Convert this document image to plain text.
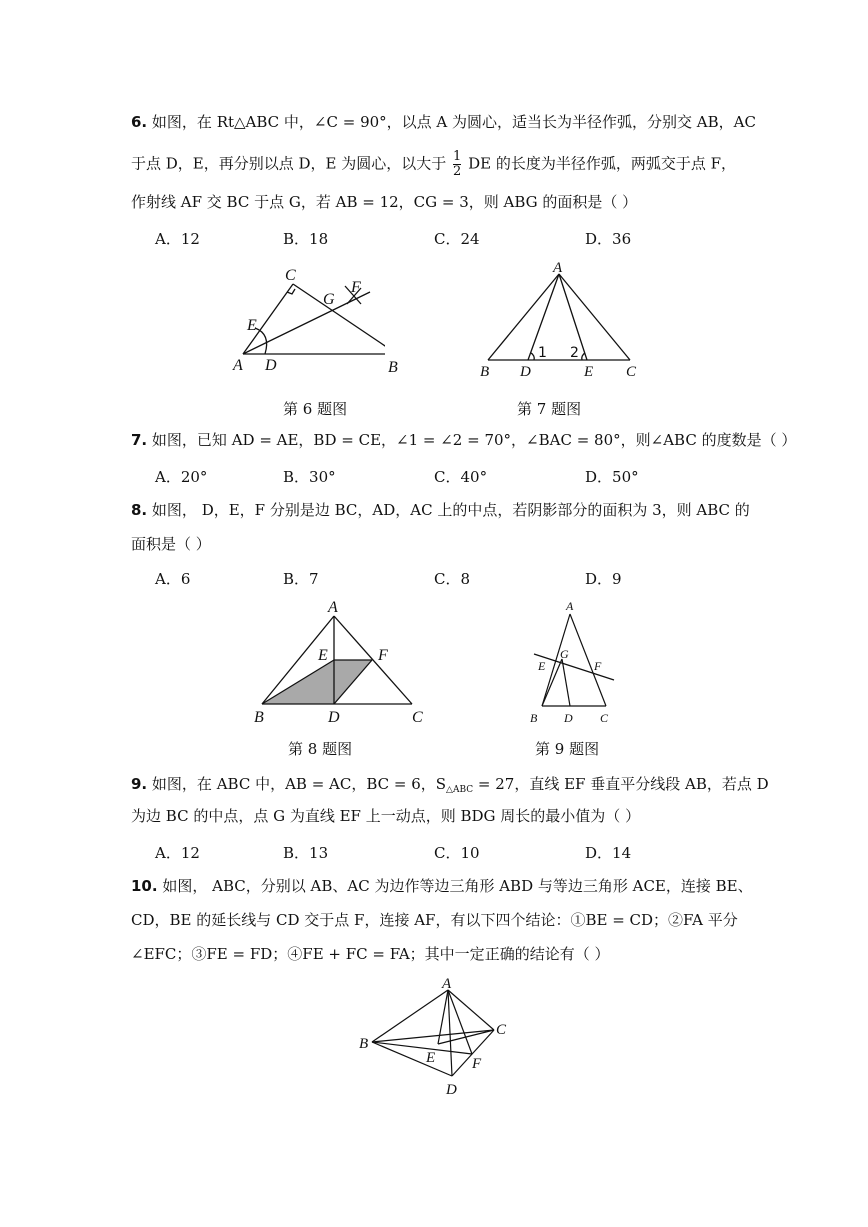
6. 如图，在 Rt△ABC 中，∠C = 90°，以点 A 为圆心，适当长为半径作弧，分别交 AB，AC
于点 D，E，再分别以点 D，E 为圆心，以大于 $\frac{1}{2}$ DE 的长度为半径作弧，两弧交于点 F，
作射线 AF 交 BC 于点 G，若 AB = 12，CG = 3，则 ABG 的面积是（ ）
A．12	B．18	C．24	D．36
A D
C
E
G
F
B
第 6 题图
A
B D	E C
1 2
第 7 题图
7. 如图，已知 AD = AE，BD = CE，∠1 = ∠2 = 70°，∠BAC = 80°，则∠ABC 的度数是（ ）
A．20°	B．30°	C．40°	D．50°
8. 如图， D，E，F 分别是边 BC，AD，AC 上的中点，若阴影部分的面积为 3，则 ABC 的
面积是（ ）
A．6	B．7	C．8	D．9
A
B	D	C
E	F
第 8 题图
A
B D C
E
G
F
第 9 题图
9. 如图，在 ABC 中，AB = AC，BC = 6，$S_{\triangle ABC} = 27$，直线 EF 垂直平分线段 AB，若点 D
为边 BC 的中点，点 G 为直线 EF 上一动点，则 BDG 周长的最小值为（ ）
A．12	B．13	C．10	D．14
10. 如图， ABC，分别以 AB、AC 为边作等边三角形 ABD 与等边三角形 ACE，连接 BE、
CD，BE 的延长线与 CD 交于点 F，连接 AF，有以下四个结论：①BE = CD；②FA 平分
∠EFC；③FE = FD；④FE + FC = FA；其中一定正确的结论有（ ）
A
B
C
D
E F
